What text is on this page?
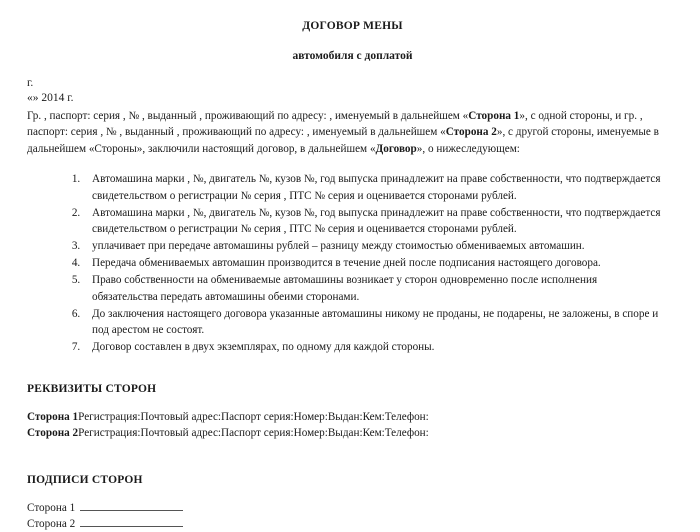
ДОГОВОР МЕНЫ
автомобиля с доплатой
г.
«» 2014 г.

Гр. , паспорт: серия , № , выданный , проживающий по адресу: , именуемый в дальнейшем «Сторона 1», с одной стороны, и гр. , паспорт: серия , № , выданный , проживающий по адресу: , именуемый в дальнейшем «Сторона 2», с другой стороны, именуемые в дальнейшем «Стороны», заключили настоящий договор, в дальнейшем «Договор», о нижеследующем:

1. Автомашина марки , №, двигатель №, кузов №, год выпуска принадлежит на праве собственности, что подтверждается свидетельством о регистрации № серия , ПТС № серия и оценивается сторонами рублей.
2. Автомашина марки , №, двигатель №, кузов №, год выпуска принадлежит на праве собственности, что подтверждается свидетельством о регистрации № серия , ПТС № серия и оценивается сторонами рублей.
3. уплачивает при передаче автомашины рублей – разницу между стоимостью обмениваемых автомашин.
4. Передача обмениваемых автомашин производится в течение дней после подписания настоящего договора.
5. Право собственности на обмениваемые автомашины возникает у сторон одновременно после исполнения обязательства передать автомашины обеими сторонами.
6. До заключения настоящего договора указанные автомашины никому не проданы, не подарены, не заложены, в споре и под арестом не состоят.
7. Договор составлен в двух экземплярах, по одному для каждой стороны.
РЕКВИЗИТЫ СТОРОН
Сторона 1Регистрация:Почтовый адрес:Паспорт серия:Номер:Выдан:Кем:Телефон:
Сторона 2Регистрация:Почтовый адрес:Паспорт серия:Номер:Выдан:Кем:Телефон:
ПОДПИСИ СТОРОН
Сторона 1
Сторона 2
